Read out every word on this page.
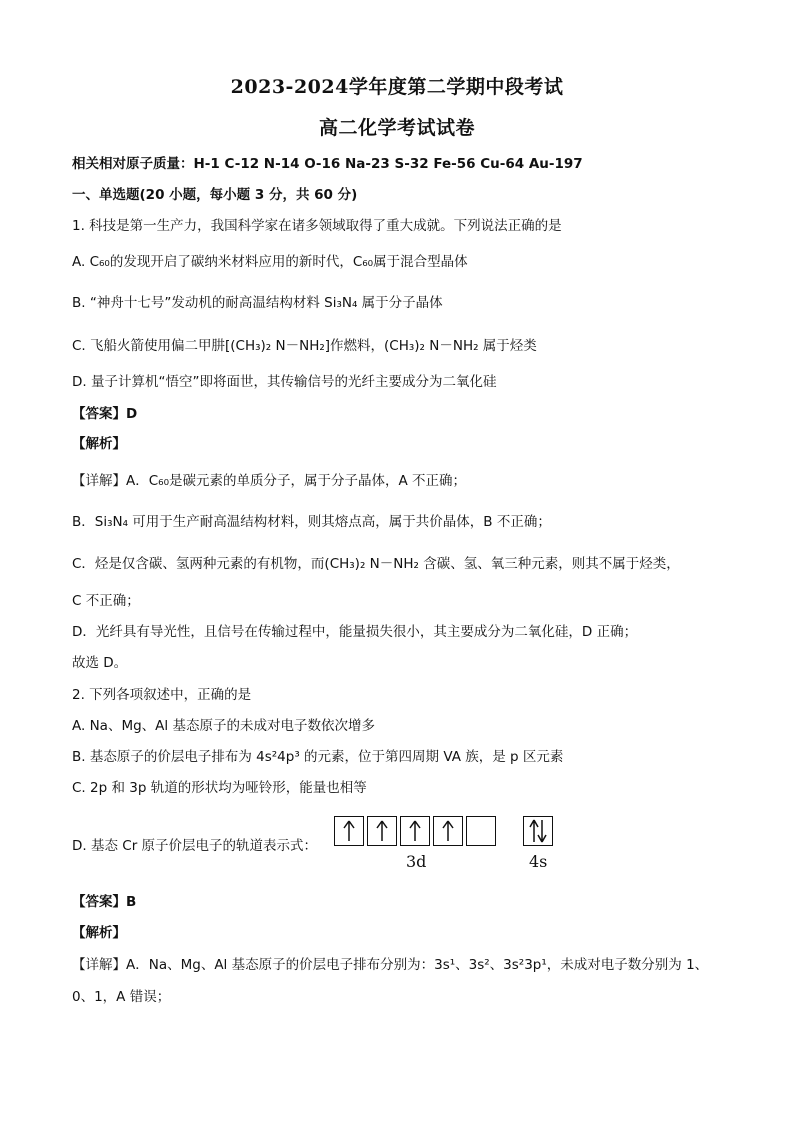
2023-2024学年度第二学期中段考试
高二化学考试试卷
相关相对原子质量：H-1 C-12 N-14 O-16 Na-23 S-32 Fe-56 Cu-64 Au-197
一、单选题(20 小题，每小题 3 分，共 60 分)
1. 科技是第一生产力，我国科学家在诸多领域取得了重大成就。下列说法正确的是
A. C₆₀的发现开启了碳纳米材料应用的新时代，C₆₀属于混合型晶体
B. “神舟十七号”发动机的耐高温结构材料 Si₃N₄ 属于分子晶体
C. 飞船火箭使用偏二甲肼[(CH₃)₂ N－NH₂]作燃料，(CH₃)₂ N－NH₂ 属于烃类
D. 量子计算机“悟空”即将面世，其传输信号的光纤主要成分为二氧化硅
【答案】D
【解析】
【详解】A．C₆₀是碳元素的单质分子，属于分子晶体，A 不正确；
B．Si₃N₄ 可用于生产耐高温结构材料，则其熔点高，属于共价晶体，B 不正确；
C．烃是仅含碳、氢两种元素的有机物，而(CH₃)₂ N－NH₂ 含碳、氢、氧三种元素，则其不属于烃类，
C 不正确；
D．光纤具有导光性，且信号在传输过程中，能量损失很小，其主要成分为二氧化硅，D 正确；
故选 D。
2. 下列各项叙述中，正确的是
A. Na、Mg、Al 基态原子的未成对电子数依次增多
B. 基态原子的价层电子排布为 4s²4p³ 的元素，位于第四周期 VA 族，是 p 区元素
C. 2p 和 3p 轨道的形状均为哑铃形，能量也相等
D. 基态 Cr 原子价层电子的轨道表示式：
3d	4s
【答案】B
【解析】
【详解】A．Na、Mg、Al 基态原子的价层电子排布分别为：3s¹、3s²、3s²3p¹，未成对电子数分别为 1、
0、1，A 错误；
